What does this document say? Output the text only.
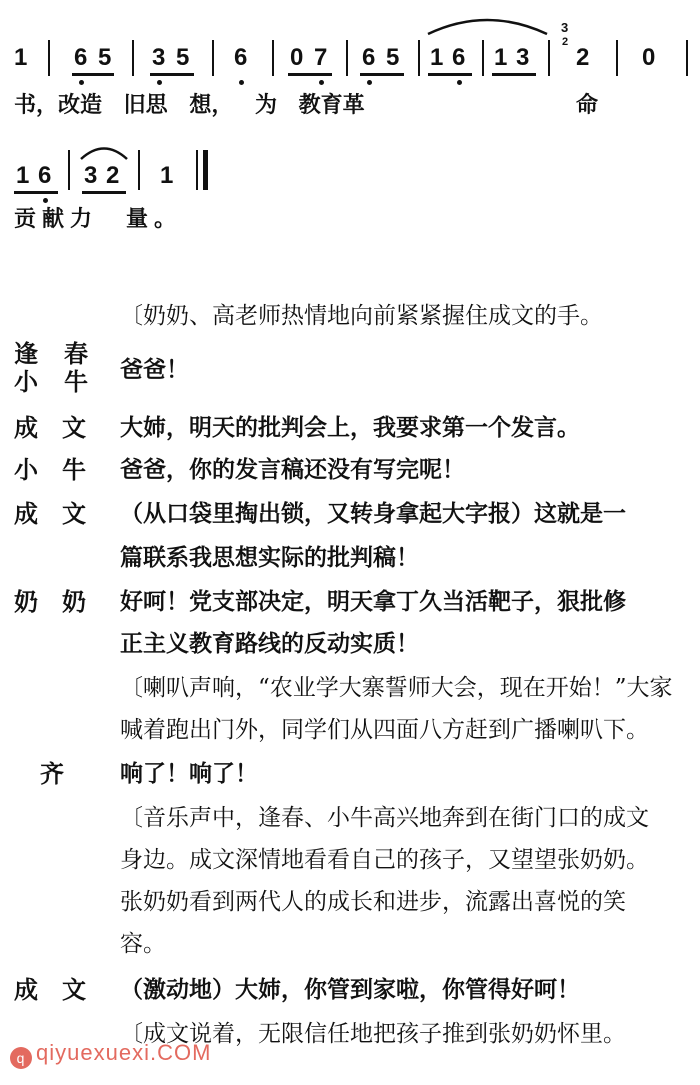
1 6 5 3 5 6 0 7 6 5 1 6 1 3
3
2
2 0
书，改造 旧思 想， 为 教育革	命
1 6 3 2 1
贡献力　量。
〔奶奶、高老师热情地向前紧紧握住成文的手。
逢 春
小 牛 爸爸！
成　文 大姉，明天的批判会上，我要求第一个发言。
小　牛 爸爸，你的发言稿还没有写完呢！
成　文 （从口袋里掏出锁，又转身拿起大字报）这就是一
篇联系我思想实际的批判稿！
奶　奶 好呵！党支部决定，明天拿丁久当活靶子，狠批修
正主义教育路线的反动实质！
〔喇叭声响，“农业学大寨誓师大会，现在开始！”大家
喊着跑出门外，同学们从四面八方赶到广播喇叭下。
齐 响了！响了！
〔音乐声中，逢春、小牛高兴地奔到在街门口的成文
身边。成文深情地看看自己的孩子，又望望张奶奶。
张奶奶看到两代人的成长和进步，流露出喜悦的笑
容。
成　文 （激动地）大姉，你管到家啦，你管得好呵！
〔成文说着，无限信任地把孩子推到张奶奶怀里。
q qiyuexuexi.COM
